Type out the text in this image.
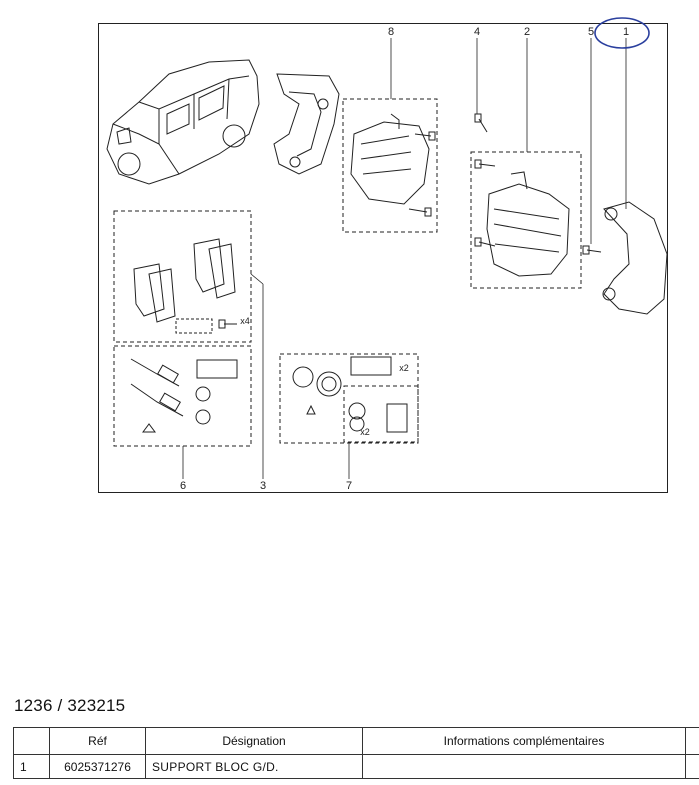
8	4	2	5	1
6	3	7
x4
x2
x2
1236 / 323215
	Réf	Désignation	Informations complémentaires	
1	6025371276	SUPPORT BLOC G/D.		
